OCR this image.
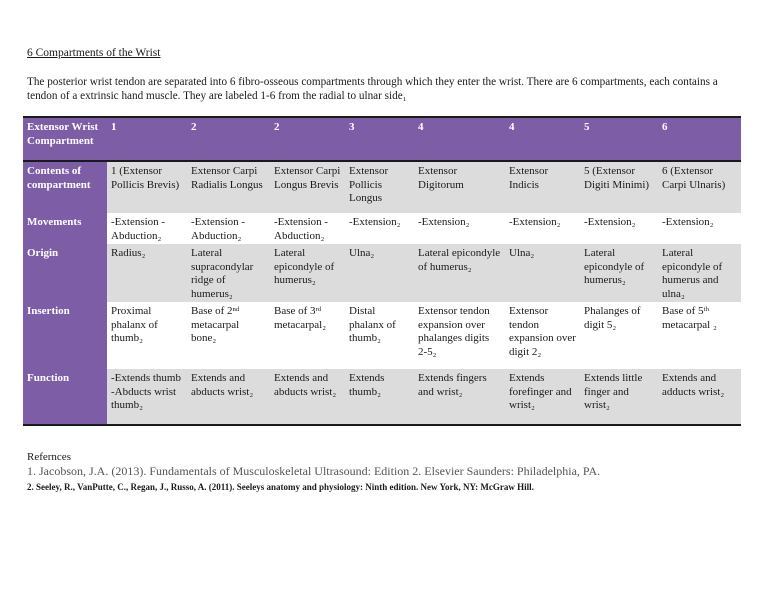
6 Compartments of the Wrist
The posterior wrist tendon are separated into 6 fibro-osseous compartments through which they enter the wrist. There are 6 compartments, each contains a tendon of a extrinsic hand muscle. They are labeled 1-6 from the radial to ulnar side₁
Extensor Wrist Compartment	1	2	2	3	4	4	5	6
Contents of compartment	1 (Extensor Pollicis Brevis)	Extensor Carpi Radialis Longus	Extensor Carpi Longus Brevis	Extensor Pollicis Longus	Extensor Digitorum	Extensor Indicis	5 (Extensor Digiti Minimi)	6 (Extensor Carpi Ulnaris)
Movements	-Extension -Abduction₂	-Extension -Abduction₂	-Extension -Abduction₂	-Extension₂	-Extension₂	-Extension₂	-Extension₂	-Extension₂
Origin	Radius₂	Lateral supracondylar ridge of humerus₂	Lateral epicondyle of humerus₂	Ulna₂	Lateral epicondyle of humerus₂	Ulna₂	Lateral epicondyle of humerus₂	Lateral epicondyle of humerus and ulna₂
Insertion	Proximal phalanx of thumb₂	Base of 2ⁿᵈ metacarpal bone₂	Base of 3ʳᵈ metacarpal₂	Distal phalanx of thumb₂	Extensor tendon expansion over phalanges digits 2-5₂	Extensor tendon expansion over digit 2₂	Phalanges of digit 5₂	Base of 5ᵗʰ metacarpal ₂
Function	-Extends thumb -Abducts wrist thumb₂	Extends and abducts wrist₂	Extends and abducts wrist₂	Extends thumb₂	Extends fingers and wrist₂	Extends forefinger and wrist₂	Extends little finger and wrist₂	Extends and adducts wrist₂
Refernces
1. Jacobson, J.A. (2013). Fundamentals of Musculoskeletal Ultrasound: Edition 2. Elsevier Saunders: Philadelphia, PA.
2. Seeley, R., VanPutte, C., Regan, J., Russo, A. (2011). Seeleys anatomy and physiology: Ninth edition. New York, NY: McGraw Hill.
